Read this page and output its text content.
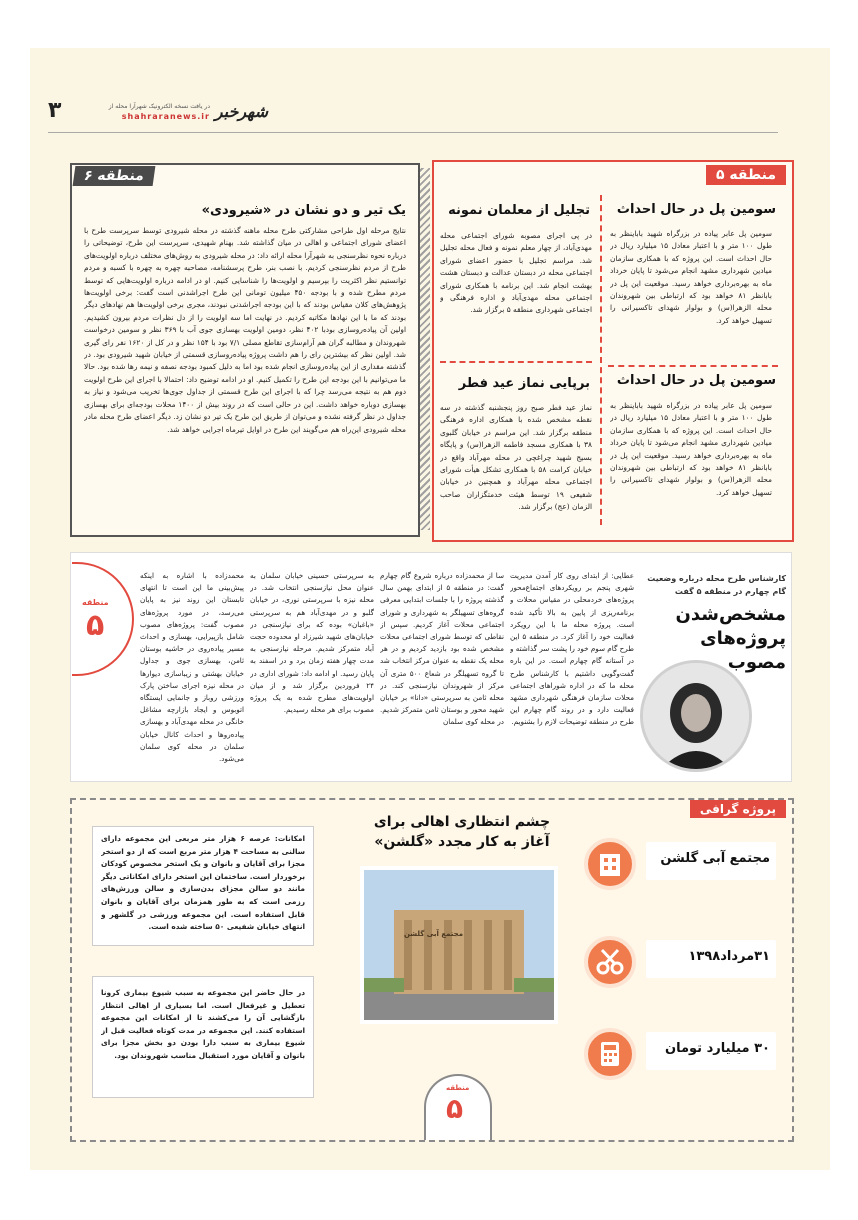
شهرخبر
در یافت نسخه الکترونیک شهرآرا محله از
shahraranews.ir
۳
منطقه ۶
یک تیر و دو نشان در «شیرودی»
نتایج مرحله اول طراحی مشارکتی طرح محله ماهنه گذشته در محله شیرودی توسط سرپرست طرح با اعضای شورای اجتماعی و اهالی در میان گذاشته شد. بهنام شهیدی، سرپرست این طرح، توضیحاتی را درباره نحوه نظرسنجی به شهرآرا محله ارائه داد: در محله شیرودی به روش‌های مختلف درباره اولویت‌های طرح از مردم نظرسنجی کردیم. با نصب بنر، طرح پرسشنامه، مصاحبه چهره به چهره با کسبه و مردم توانستیم نظر اکثریت را بپرسیم و اولویت‌ها را شناسایی کنیم. او در ادامه درباره اولویت‌هایی که توسط مردم مطرح شده و با بودجه ۴۵۰ میلیون تومانی این طرح اجراشدنی است گفت: برخی اولویت‌ها پژوهش‌های کلان مقیاس بودند که با این بودجه اجراشدنی نبودند، مجری برخی اولویت‌ها هم نهادهای دیگر بودند که ما با این نهادها مکاتبه کردیم. در نهایت اما سه اولویت را از دل نظرات مردم بیرون کشیدیم. اولین آن پیاده‌روسازی بودبا ۴۰۲ نظر، دومین اولویت بهسازی جوی آب با ۳۶۹ نظر و سومین درخواست شهروندان و مطالبه گران هم آرام‌سازی تقاطع مصلی ۷/۱ بود با ۱۵۴ نظر و در کل از ۱۶۲۰ نفر رای گیری شد. اولین نظر که بیشترین رای را هم داشت پروژه پیاده‌روسازی قسمتی از خیابان شهید شیرودی بود. در گذشته مقداری از این پیاده‌روسازی انجام شده بود اما به دلیل کمبود بودجه نصفه و نیمه رها شده بود. حالا ما می‌توانیم با این بودجه این طرح را تکمیل کنیم. او در ادامه توضیح داد: احتمالا با اجرای این طرح اولویت دوم هم به نتیجه می‌رسد چرا که با اجرای این طرح قسمتی از جداول جوی‌ها تخریب می‌شود و نیاز به بهسازی دوباره خواهد داشت. این در حالی است که در روند بیش از ۱۴۰۰ محلات بودجه‌ای برای بهسازی جداول در نظر گرفته نشده و می‌توان از طریق این طرح یک تیر دو نشان زد. دیگر اعضای طرح محله مادر محله شیرودی این‌راه هم می‌گویند این طرح در اوایل تیرماه اجرایی خواهد شد.
منطقه ۵
سومین پل در حال احداث
سومین پل عابر پیاده در بزرگراه شهید باباینظر به طول ۱۰۰ متر و با اعتبار معادل ۱۵ میلیارد ریال در حال احداث است. این پروژه که با همکاری سازمان میادین شهرداری مشهد انجام می‌شود تا پایان خرداد ماه به بهره‌برداری خواهد رسید. موقعیت این پل در بابانظر ۸۱ خواهد بود که ارتباطی بین شهروندان محله الزهرا(س) و بولوار شهدای تاکسیرانی را تسهیل خواهد کرد.
سومین پل در حال احداث
سومین پل عابر پیاده در بزرگراه شهید باباینظر به طول ۱۰۰ متر و با اعتبار معادل ۱۵ میلیارد ریال در حال احداث است. این پروژه که با همکاری سازمان میادین شهرداری مشهد انجام می‌شود تا پایان خرداد ماه به بهره‌برداری خواهد رسید. موقعیت این پل در بابانظر ۸۱ خواهد بود که ارتباطی بین شهروندان محله الزهرا(س) و بولوار شهدای تاکسیرانی را تسهیل خواهد کرد.
تجلیل از معلمان نمونه
در پی اجرای مصوبه شورای اجتماعی محله مهدی‌آباد، از چهار معلم نمونه و فعال محله تجلیل شد. مراسم تجلیل با حضور اعضای شورای اجتماعی محله در دبستان عدالت و دبستان هشت بهشت انجام شد. این برنامه با همکاری شورای اجتماعی محله مهدی‌آباد و اداره فرهنگی و اجتماعی شهرداری منطقه ۵ برگزار شد.
برپایی نماز عید فطر
نماز عید فطر صبح روز پنجشنبه گذشته در سه نقطه مشخص شده با همکاری اداره فرهنگی منطقه برگزار شد. این مراسم در خیابان گلبوی ۳۸ با همکاری مسجد فاطمه الزهرا(س) و پایگاه بسیج شهید چراغچی در محله مهرآباد واقع در خیابان کرامت ۵۸ با همکاری تشکل هیأت شورای اجتماعی محله مهرآباد و همچنین در خیابان شفیعی ۱۹ توسط هیئت خدمتگزاران صاحب الزمان (عج) برگزار شد.
کارشناس طرح محله درباره وضعیت گام چهارم در منطقه ۵ گفت
مشخص‌شدن پروژه‌های مصوب
عطایی: از ابتدای روی کار آمدن مدیریت شهری پنجم بر رویکردهای اجتماع‌محور پروژه‌های خردمحلی در مقیاس محلات و برنامه‌ریزی از پایین به بالا تأکید شده است. پروژه محله ما با این رویکرد فعالیت خود را آغاز کرد. در منطقه ۵ این طرح گام سوم خود را پشت سر گذاشته و در آستانه گام چهارم است. در این باره گفت‌وگویی داشتیم با کارشناس طرح محله ما که در اداره شوراهای اجتماعی محلات سازمان فرهنگی شهرداری مشهد فعالیت دارد و در روند گام چهارم این طرح در منطقه توضیحات لازم را بشنویم.
سا از محمدزاده درباره شروع گام چهارم گفت: در منطقه ۵ از ابتدای بهمن سال گذشته پروژه را با جلسات ابتدایی معرفی گروه‌های تسهیلگر به شهرداری و شورای اجتماعی محلات آغاز کردیم. سپس از نقاطی که توسط شورای اجتماعی محلات مشخص شده بود بازدید کردیم و در هر محله یک نقطه به عنوان مرکز انتخاب شد تا گروه تسهیلگر در شعاع ۵۰۰ متری آن مرکز از شهروندان نیازسنجی کند. در محله ثامن به سرپرستی «دانا» بر خیابان شهید محور و بوستان ثامن متمرکز شدیم. در محله کوی سلمان
به سرپرستی حسینی خیابان سلمان به عنوان محل نیازسنجی انتخاب شد. در محله نیزه با سرپرستی نوری، در خیابان گلبو و در مهدی‌آباد هم به سرپرستی «باغبان» بوده که برای نیازسنجی در خیابان‌های شهید شیرزاد او محدوده حجت آباد متمرکز شدیم. مرحله نیازسنجی به مدت چهار هفته زمان برد و در اسفند به پایان رسید. او ادامه داد: شورای اداری در ۲۴ فروردین برگزار شد و از میان اولویت‌های مطرح شده به یک پروژه مصوب برای هر محله رسیدیم.
محمدزاده با اشاره به اینکه پیش‌بینی ما این است تا انتهای تابستان این روند نیز به پایان می‌رسد، در مورد پروژه‌های مصوب گفت: پروژه‌های مصوب شامل بازپیرایی، بهسازی و احداث مسیر پیاده‌روی در حاشیه بوستان ثامن، بهسازی جوی و جداول خیابان بهشتی و زیباسازی دیوارها در محله نیزه اجرای ساختن پارک ورزشی روباز و جانمایی ایستگاه اتوبوس و ایجاد بازارچه مشاغل خانگی در محله مهدی‌آباد و بهسازی پیاده‌روها و احداث کانال خیابان سلمان در محله کوی سلمان می‌شود.
منطقه
۵
پروژه گرافی
مجتمع آبی گلشن
۳۱مرداد۱۳۹۸
۳۰ میلیارد تومان
چشم انتظاری اهالی برای
آغاز به کار مجدد «گلشن»
مجتمع آبی گلشن
امکانات: عرصه ۶ هزار متر مربعی این مجموعه دارای سالنی به مساحت ۴ هزار متر مربع است که از دو استخر مجزا برای آقایان و بانوان و یک استخر مخصوص کودکان برخوردار است. ساختمان این استخر دارای امکاناتی دیگر مانند دو سالن مجزای بدن‌سازی و سالن ورزش‌های رزمی است که به طور همزمان برای آقایان و بانوان قابل استفاده است. این مجموعه ورزشی در گلشهر و انتهای خیابان شفیعی ۵۰ ساخته شده است.
در حال حاضر این مجموعه به سبب شیوع بیماری کرونا تعطیل و غیرفعال است. اما بسیاری از اهالی انتظار بازگشایی آن را می‌کشند تا از امکانات این مجموعه استفاده کنند. این مجموعه در مدت کوتاه فعالیت قبل از شیوع بیماری به سبب دارا بودن دو بخش مجزا برای بانوان و آقایان مورد استقبال مناسب شهروندان بود.
منطقه
۵
